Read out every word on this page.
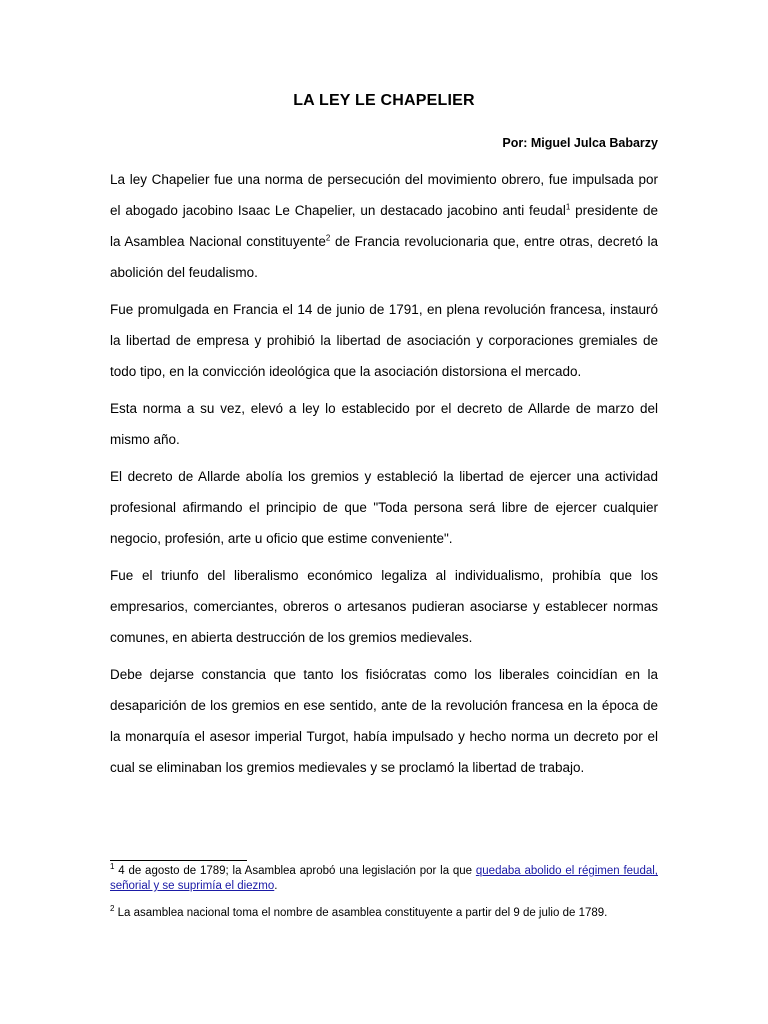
LA LEY LE CHAPELIER
Por: Miguel Julca Babarzy

La ley Chapelier fue una norma de persecución del movimiento obrero, fue impulsada por el abogado jacobino Isaac Le Chapelier, un destacado jacobino anti feudal$^1$ presidente de la Asamblea Nacional constituyente$^2$ de Francia revolucionaria que, entre otras, decretó la abolición del feudalismo.

Fue promulgada en Francia el 14 de junio de 1791, en plena revolución francesa, instauró la libertad de empresa y prohibió la libertad de asociación y corporaciones gremiales de todo tipo, en la convicción ideológica que la asociación distorsiona el mercado.

Esta norma a su vez, elevó a ley lo establecido por el decreto de Allarde de marzo del mismo año.

El decreto de Allarde abolía los gremios y estableció la libertad de ejercer una actividad profesional afirmando el principio de que "Toda persona será libre de ejercer cualquier negocio, profesión, arte u oficio que estime conveniente".

Fue el triunfo del liberalismo económico legaliza al individualismo, prohibía que los empresarios, comerciantes, obreros o artesanos pudieran asociarse y establecer normas comunes, en abierta destrucción de los gremios medievales.

Debe dejarse constancia que tanto los fisiócratas como los liberales coincidían en la desaparición de los gremios en ese sentido, ante de la revolución francesa en la época de la monarquía el asesor imperial Turgot, había impulsado y hecho norma un decreto por el cual se eliminaban los gremios medievales y se proclamó la libertad de trabajo.

$^1$ 4 de agosto de 1789; la Asamblea aprobó una legislación por la que quedaba abolido el régimen feudal, señorial y se suprimía el diezmo.
$^2$ La asamblea nacional toma el nombre de asamblea constituyente a partir del 9 de julio de 1789.
